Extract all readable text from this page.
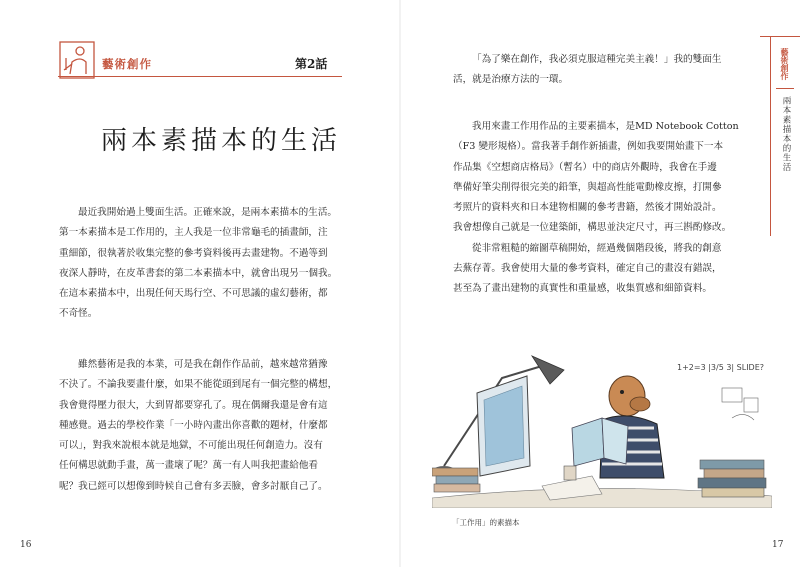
藝術創作	第2話
兩本素描本的生活
最近我開始過上雙面生活。正確來說，是兩本素描本的生活。
第一本素描本是工作用的，主人我是一位非常龜毛的插畫師，注
重細節，很執著於收集完整的參考資料後再去畫建物。不過等到
夜深人靜時，在皮革書套的第二本素描本中，就會出現另一個我。
在這本素描本中，出現任何天馬行空、不可思議的虛幻藝術，都
不奇怪。
雖然藝術是我的本業，可是我在創作作品前，越來越常猶豫
不決了。不論我要畫什麼，如果不能從頭到尾有一個完整的構想，
我會覺得壓力很大，大到胃都要穿孔了。現在偶爾我還是會有這
種感覺。過去的學校作業「一小時內畫出你喜歡的題材，什麼都
可以」，對我來說根本就是地獄，不可能出現任何創造力。沒有
任何構思就動手畫，萬一畫壞了呢？萬一有人叫我把畫給他看
呢？我已經可以想像到時候自己會有多丟臉，會多討厭自己了。
16
「為了樂在創作，我必須克服這種完美主義！」我的雙面生
活，就是治療方法的一環。
我用來畫工作用作品的主要素描本，是MD Notebook Cotton
（F3 變形規格）。當我著手創作新插畫，例如我要開始畫下一本
作品集《空想商店格局》（暫名）中的商店外觀時，我會在手邊
準備好筆尖削得很完美的鉛筆，與超高性能電動橡皮擦，打開參
考照片的資料夾和日本建物相關的參考書籍，然後才開始設計。
我會想像自己就是一位建築師，構思並決定尺寸，再三斟酌修改。
從非常粗糙的縮圖草稿開始，經過幾個階段後，將我的創意
去蕪存菁。我會使用大量的參考資料，確定自己的畫沒有錯誤，
甚至為了畫出建物的真實性和重量感，收集質感和細節資料。
17
藝術創作
兩本素描本的生活
1+2=3 |3/5 3| SLIDE?
「工作用」的素描本
